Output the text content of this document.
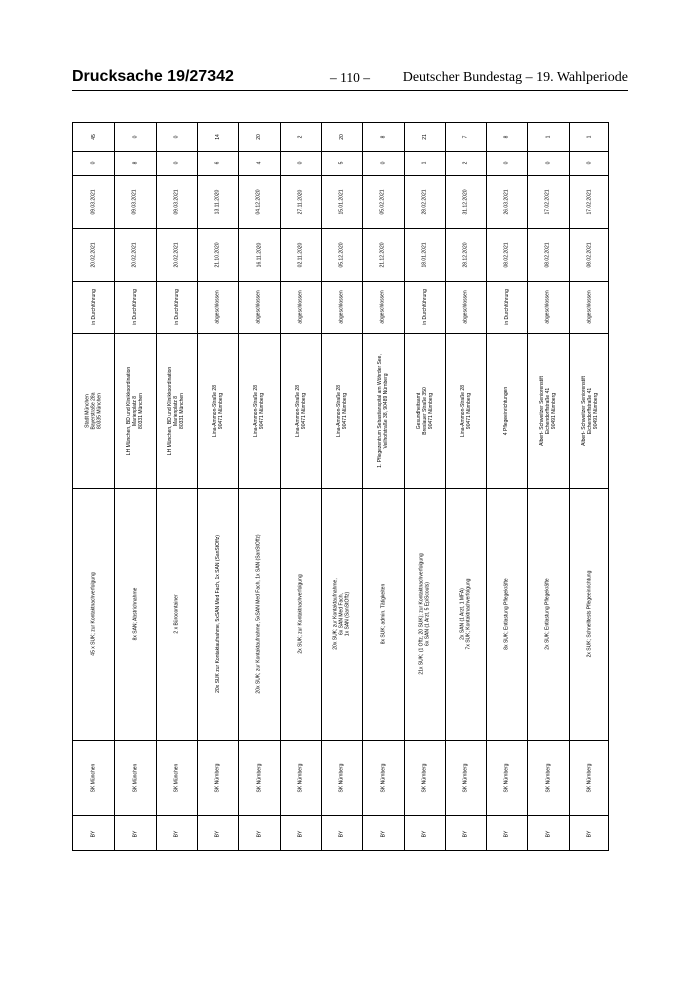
Drucksache 19/27342	– 110 –	Deutscher Bundestag – 19. Wahlperiode
45
0
09.03.2021
20.02.2021
in Durchführung
Stadt München Bayerstraße 28a 80335 München
45 x SUK; zur Kontaktnachverfolgung
SK München
BY
0
8
09.03.2021
20.02.2021
in Durchführung
LH München, BD und Klinikkoordination Marienplatz 8 80331 München
8x SAN; Abstrichnahme
SK München
BY
0
0
09.03.2021
20.02.2021
in Durchführung
LH München, BD und Klinikkoordination Marienplatz 8 80331 München
2 x Bürocontainer
SK München
BY
14
6
13.11.2020
21.10.2020
abgeschlossen
Lina-Ammon-Straße 28 90471 Nürnberg
20x SUK zur Kontaktaufnahme, 5xSAN Med Fach, 1x SAN (SanStOffz)
SK Nürnberg
BY
20
4
04.12.2020
16.11.2020
abgeschlossen
Lina-Ammon-Straße 28 90471 Nürnberg
20x SUK; zur Kontaktaufnahme, 5xSAN Med Fach, 1x SAN (SanStOffz)
SK Nürnberg
BY
2
0
27.11.2020
02.11.2020
abgeschlossen
Lina-Ammon-Straße 28 90471 Nürnberg
2x SUK; zur Kontaktnachverfolgung
SK Nürnberg
BY
20
5
15.01.2021
05.12.2020
abgeschlossen
Lina-Ammon-Straße 28 90471 Nürnberg
20x SUK; zur Kontaktaufnahme, 6x SAN Med Fach, 1x SAN (SanStOffz)
SK Nürnberg
BY
8
0
05.02.2021
21.12.2020
abgeschlossen
1. Pflegezentrum Sebastianspital am Wöhrder See, Veilhofstraße 38, 90489 Nürnberg
8x SUK; admin. Tätigkeiten
SK Nürnberg
BY
21
1
28.02.2021
18.01.2021
in Durchführung
Gesundheitsamt Breslauer Straße 350 90471 Nürnberg
21x SUK; (1 Offz, 20 SUK); zur Kontaktnachverfolgung 6x SAN (1 Arzt, 5 EpiScouts)
SK Nürnberg
BY
7
2
31.12.2020
28.12.2020
abgeschlossen
Lina-Ammon-Straße 28 90471 Nürnberg
2x SAN (1 Arzt, 1 MFA) 7x SUK; Kontaktnachverfolgung
SK Nürnberg
BY
8
0
26.03.2021
08.02.2021
in Durchführung
4 Pflegeeinrichtungen
8x SUK; Entlastung Pflegekräfte
SK Nürnberg
BY
1
0
17.02.2021
08.02.2021
abgeschlossen
Albert- Schweitzer Seniorenstift Eichendorffstraße 41 90491 Nürnberg
2x SUK; Entlastung Pflegekräfte
SK Nürnberg
BY
1
0
17.02.2021
08.02.2021
abgeschlossen
Albert- Schweitzer Seniorenstift Eichendorffstraße 41 90491 Nürnberg
2x SUK; Schnelltests Pflegeeinrichtung
SK Nürnberg
BY
